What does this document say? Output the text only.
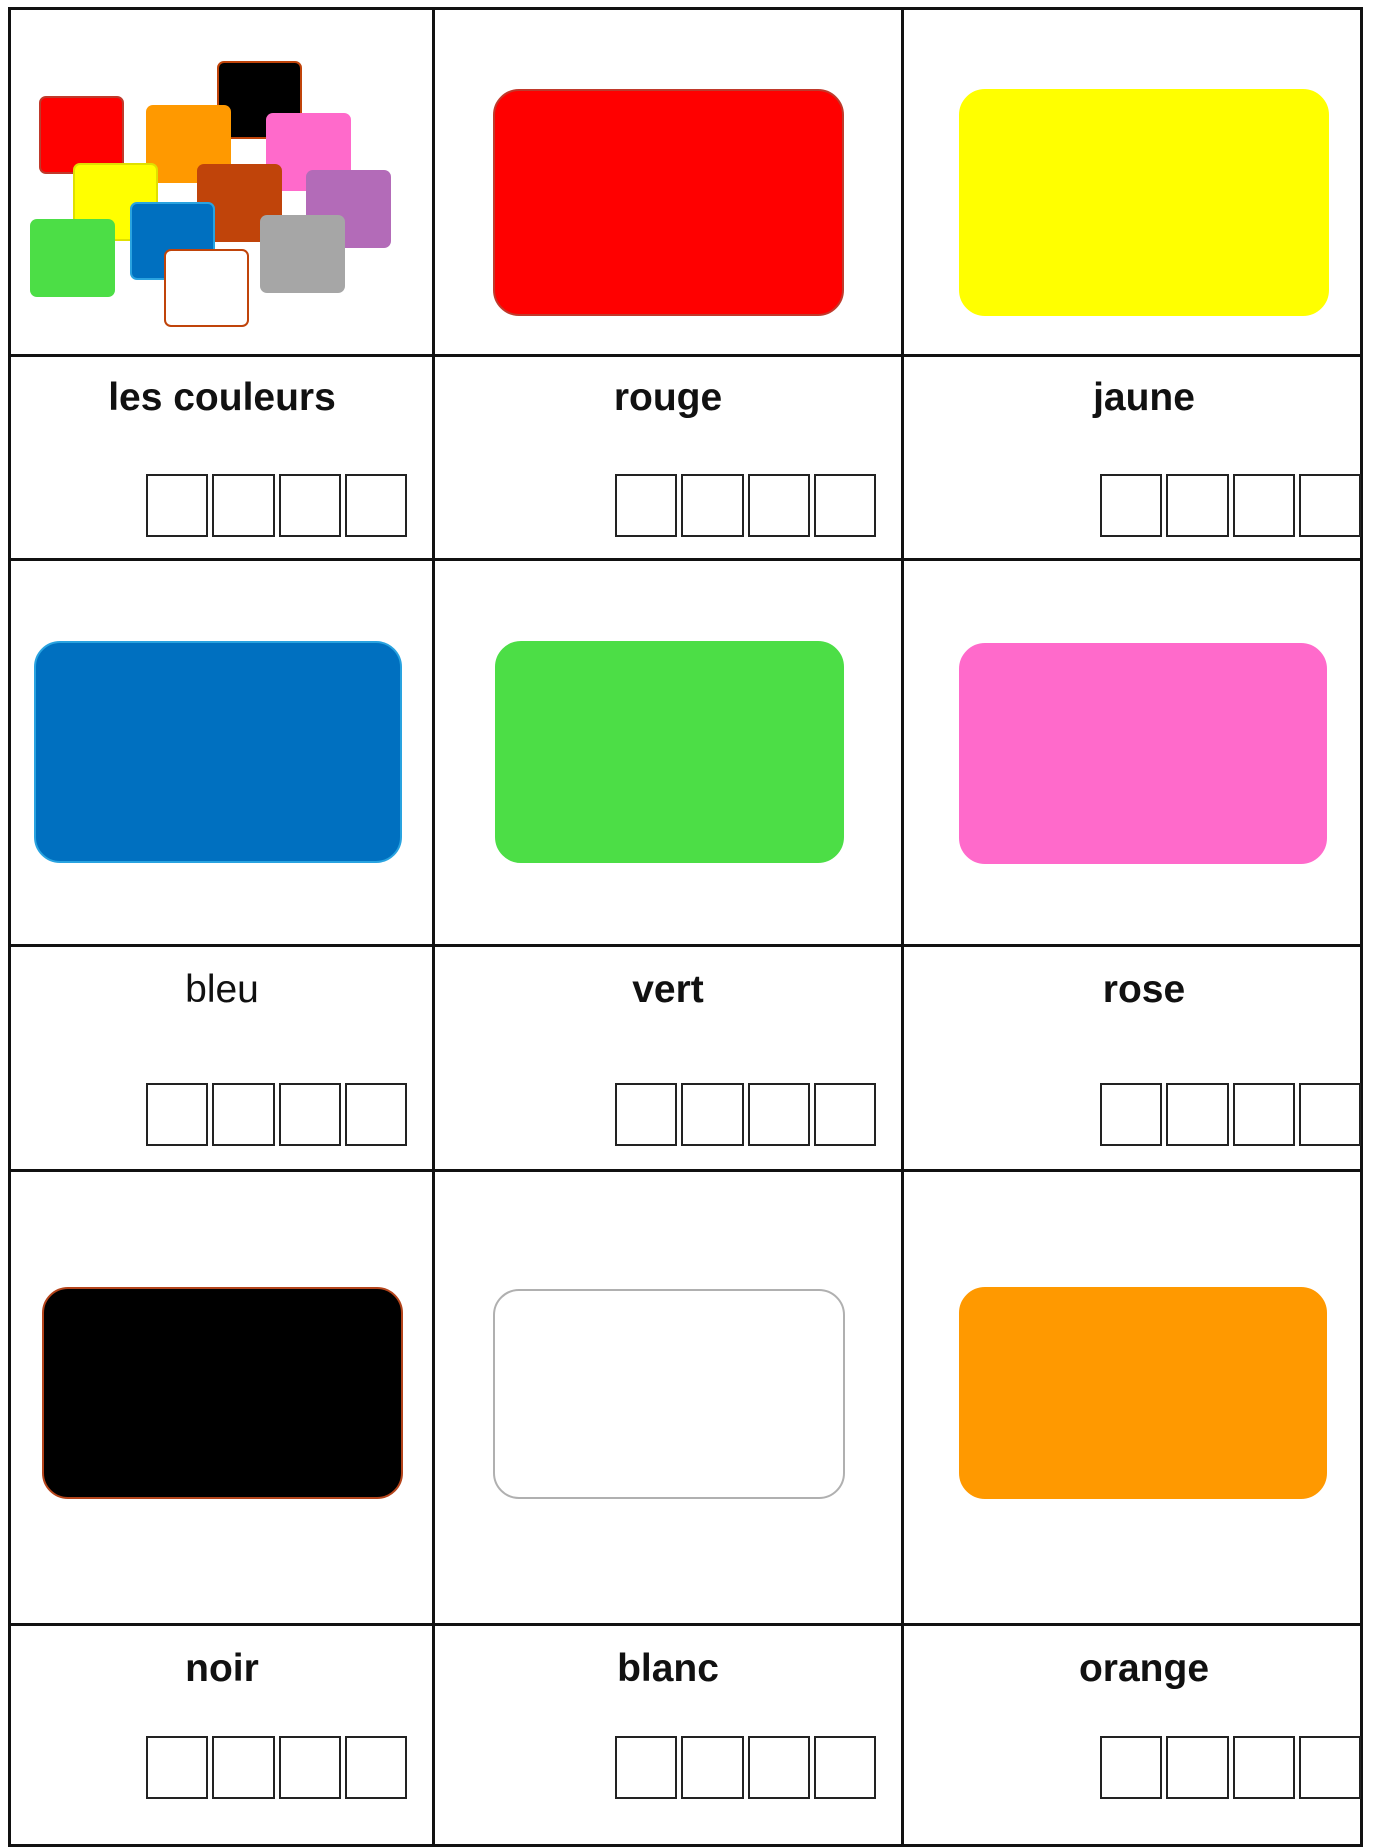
les couleurs	rouge	jaune
bleu	vert	rose
noir	blanc	orange
